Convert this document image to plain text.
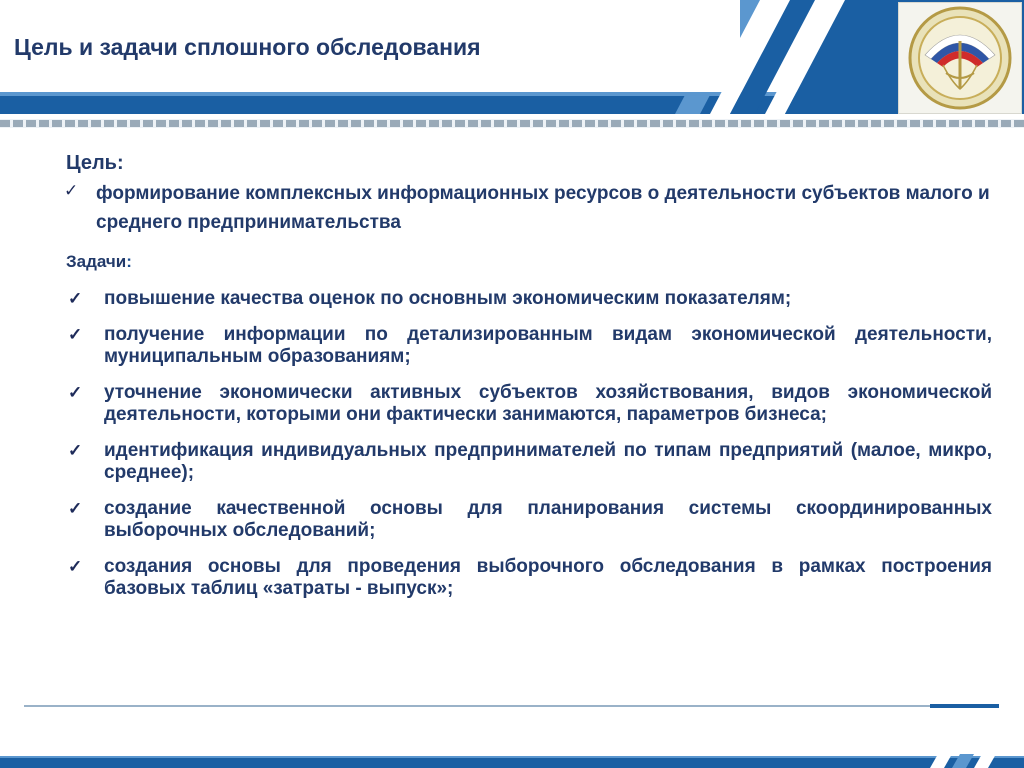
Цель и задачи сплошного обследования
Цель:
✓ формирование комплексных информационных ресурсов о деятельности субъектов малого и среднего предпринимательства
Задачи:
✓ повышение качества оценок по основным экономическим показателям;
✓ получение информации по детализированным видам экономической деятельности, муниципальным образованиям;
✓ уточнение экономически активных субъектов хозяйствования, видов экономической деятельности, которыми они фактически занимаются, параметров бизнеса;
✓ идентификация индивидуальных предпринимателей по типам предприятий (малое, микро, среднее);
✓ создание качественной основы для планирования системы скоординированных выборочных обследований;
✓ создания основы для проведения выборочного обследования в рамках построения базовых таблиц «затраты - выпуск»;
